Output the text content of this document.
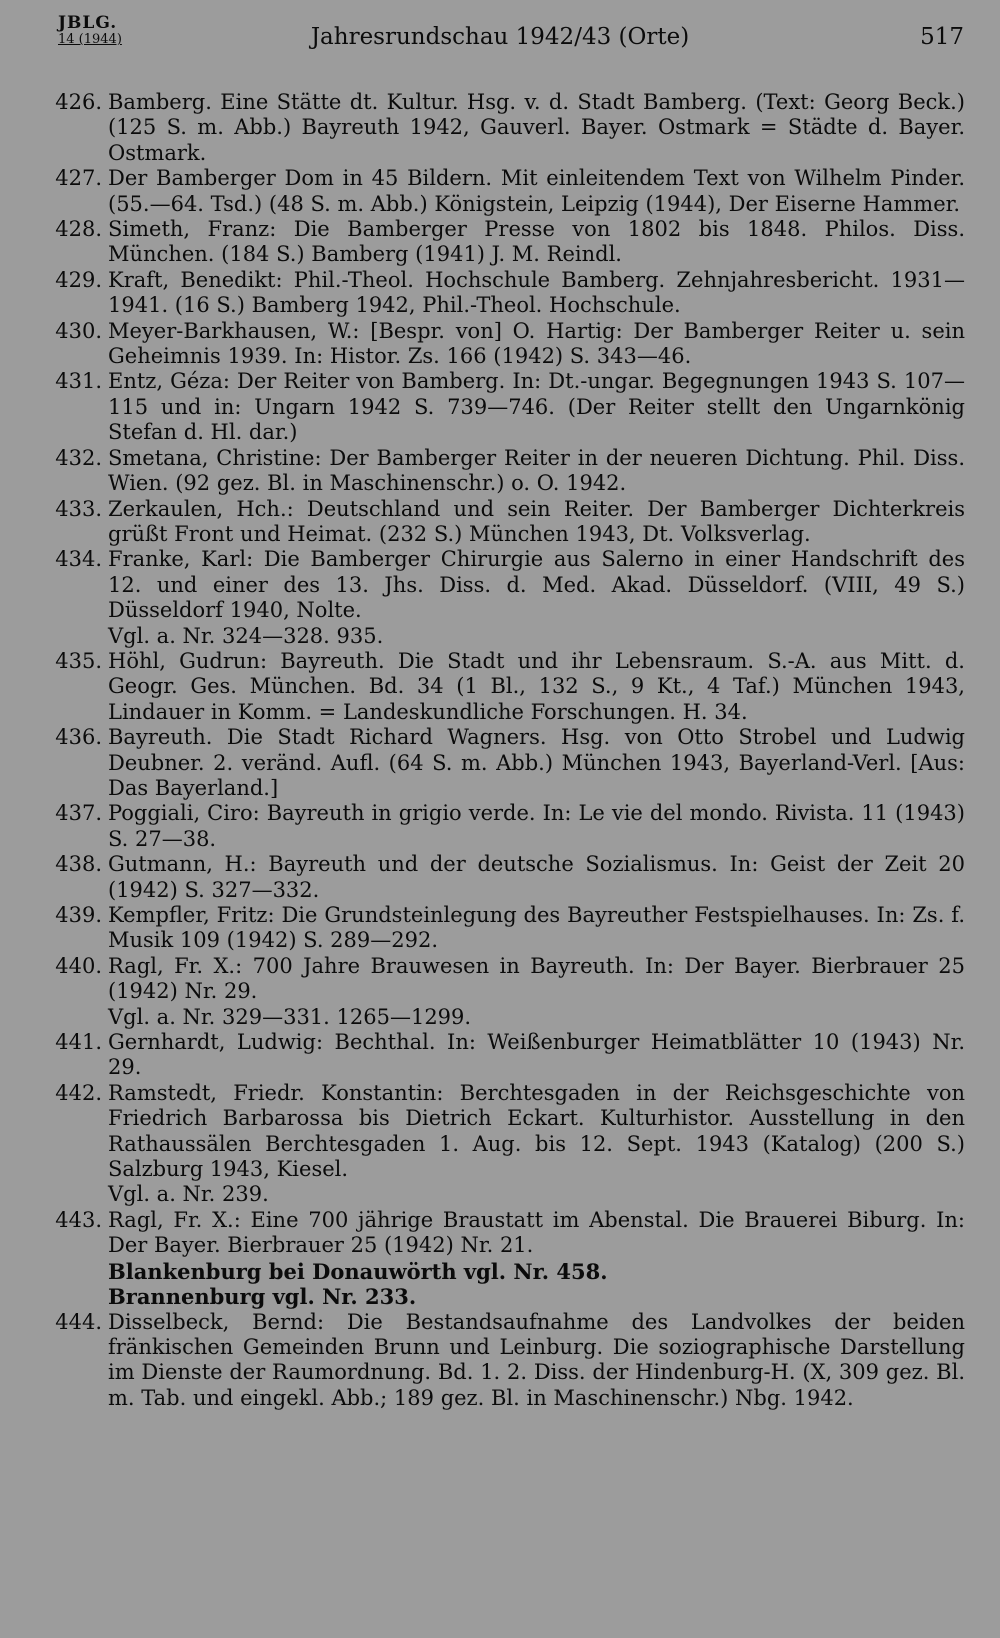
JBLG.
14 (1944)	Jahresrundschau 1942/43 (Orte)	517
426. Bamberg. Eine Stätte dt. Kultur. Hsg. v. d. Stadt Bamberg. (Text: Georg Beck.) (125 S. m. Abb.) Bayreuth 1942, Gauverl. Bayer. Ostmark = Städte d. Bayer. Ostmark.
427. Der Bamberger Dom in 45 Bildern. Mit einleitendem Text von Wilhelm Pinder. (55.—64. Tsd.) (48 S. m. Abb.) Königstein, Leipzig (1944), Der Eiserne Hammer.
428. Simeth, Franz: Die Bamberger Presse von 1802 bis 1848. Philos. Diss. München. (184 S.) Bamberg (1941) J. M. Reindl.
429. Kraft, Benedikt: Phil.-Theol. Hochschule Bamberg. Zehnjahresbericht. 1931—1941. (16 S.) Bamberg 1942, Phil.-Theol. Hochschule.
430. Meyer-Barkhausen, W.: [Bespr. von] O. Hartig: Der Bamberger Reiter u. sein Geheimnis 1939. In: Histor. Zs. 166 (1942) S. 343—46.
431. Entz, Géza: Der Reiter von Bamberg. In: Dt.-ungar. Begegnungen 1943 S. 107—115 und in: Ungarn 1942 S. 739—746. (Der Reiter stellt den Ungarnkönig Stefan d. Hl. dar.)
432. Smetana, Christine: Der Bamberger Reiter in der neueren Dichtung. Phil. Diss. Wien. (92 gez. Bl. in Maschinenschr.) o. O. 1942.
433. Zerkaulen, Hch.: Deutschland und sein Reiter. Der Bamberger Dichterkreis grüßt Front und Heimat. (232 S.) München 1943, Dt. Volksverlag.
434. Franke, Karl: Die Bamberger Chirurgie aus Salerno in einer Handschrift des 12. und einer des 13. Jhs. Diss. d. Med. Akad. Düsseldorf. (VIII, 49 S.) Düsseldorf 1940, Nolte.
Vgl. a. Nr. 324—328. 935.
435. Höhl, Gudrun: Bayreuth. Die Stadt und ihr Lebensraum. S.-A. aus Mitt. d. Geogr. Ges. München. Bd. 34 (1 Bl., 132 S., 9 Kt., 4 Taf.) München 1943, Lindauer in Komm. = Landeskundliche Forschungen. H. 34.
436. Bayreuth. Die Stadt Richard Wagners. Hsg. von Otto Strobel und Ludwig Deubner. 2. veränd. Aufl. (64 S. m. Abb.) München 1943, Bayerland-Verl. [Aus: Das Bayerland.]
437. Poggiali, Ciro: Bayreuth in grigio verde. In: Le vie del mondo. Rivista. 11 (1943) S. 27—38.
438. Gutmann, H.: Bayreuth und der deutsche Sozialismus. In: Geist der Zeit 20 (1942) S. 327—332.
439. Kempfler, Fritz: Die Grundsteinlegung des Bayreuther Festspielhauses. In: Zs. f. Musik 109 (1942) S. 289—292.
440. Ragl, Fr. X.: 700 Jahre Brauwesen in Bayreuth. In: Der Bayer. Bierbrauer 25 (1942) Nr. 29.
Vgl. a. Nr. 329—331. 1265—1299.
441. Gernhardt, Ludwig: Bechthal. In: Weißenburger Heimatblätter 10 (1943) Nr. 29.
442. Ramstedt, Friedr. Konstantin: Berchtesgaden in der Reichsgeschichte von Friedrich Barbarossa bis Dietrich Eckart. Kulturhistor. Ausstellung in den Rathaussälen Berchtesgaden 1. Aug. bis 12. Sept. 1943 (Katalog) (200 S.) Salzburg 1943, Kiesel.
Vgl. a. Nr. 239.
443. Ragl, Fr. X.: Eine 700 jährige Braustatt im Abenstal. Die Brauerei Biburg. In: Der Bayer. Bierbrauer 25 (1942) Nr. 21.
Blankenburg bei Donauwörth vgl. Nr. 458.
Brannenburg vgl. Nr. 233.
444. Disselbeck, Bernd: Die Bestandsaufnahme des Landvolkes der beiden fränkischen Gemeinden Brunn und Leinburg. Die soziographische Darstellung im Dienste der Raumordnung. Bd. 1. 2. Diss. der Hindenburg-H. (X, 309 gez. Bl. m. Tab. und eingekl. Abb.; 189 gez. Bl. in Maschinenschr.) Nbg. 1942.
